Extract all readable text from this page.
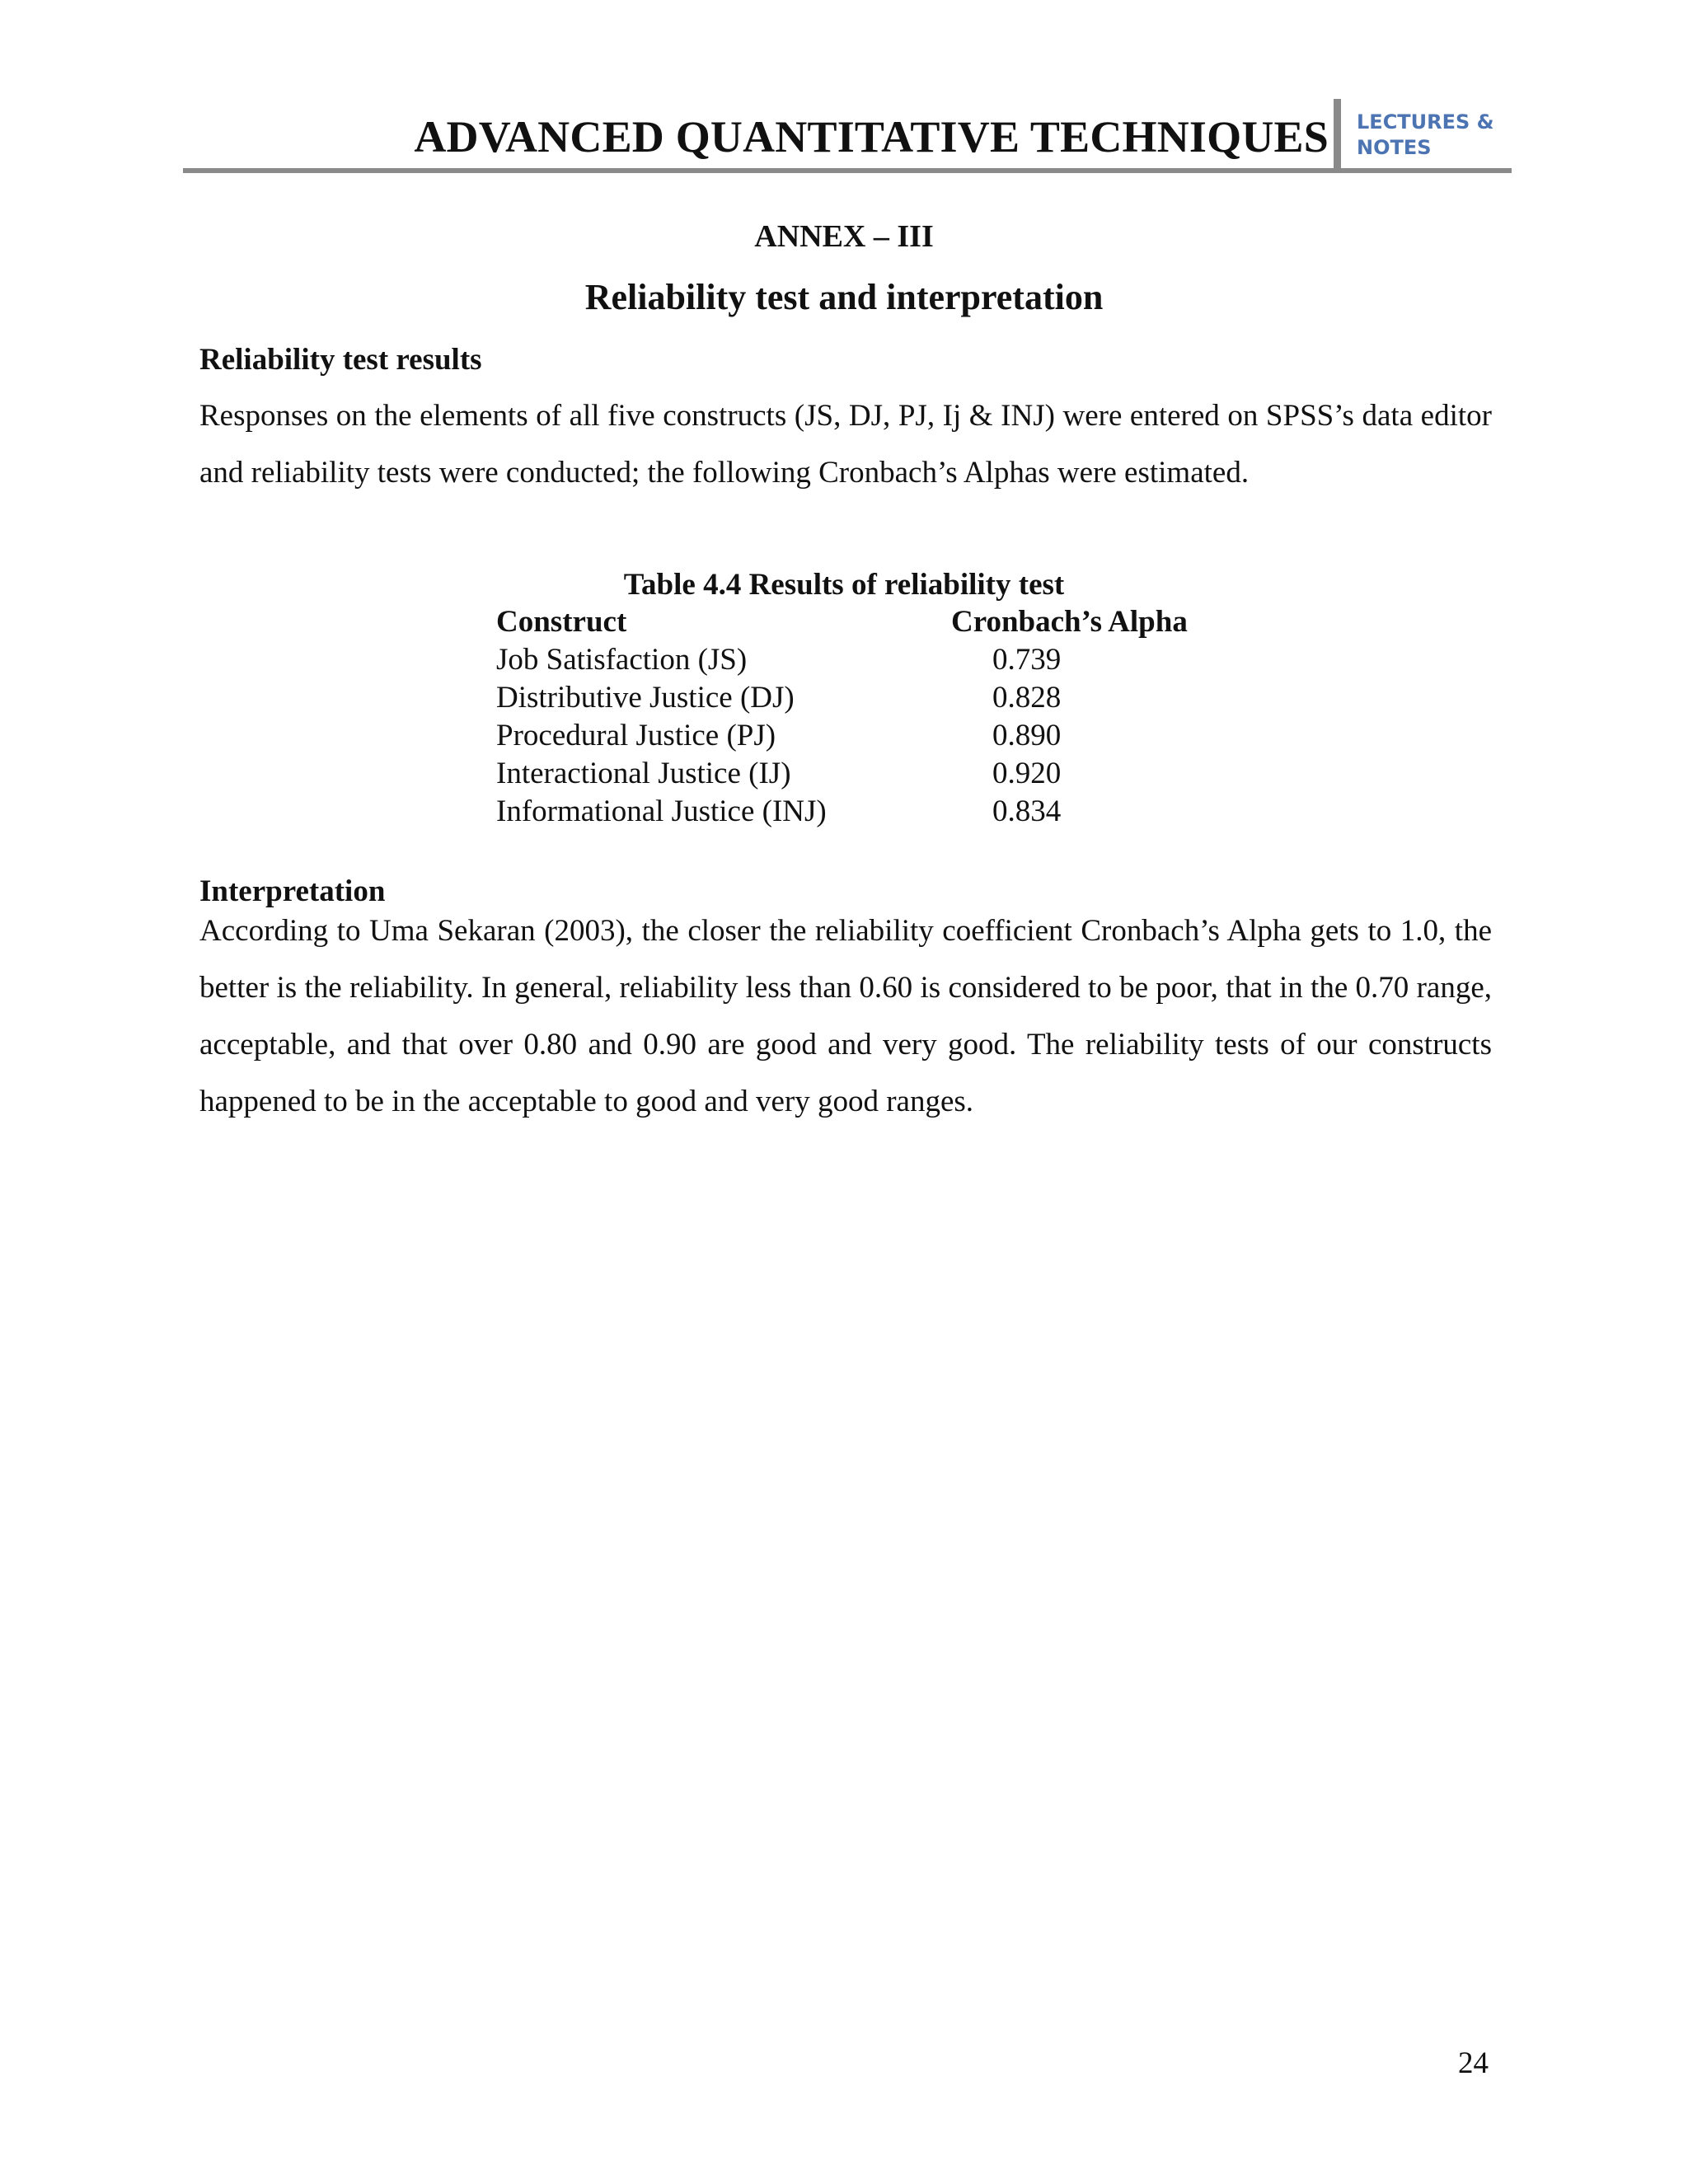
ADVANCED QUANTITATIVE TECHNIQUES LECTURES &
NOTES
ANNEX – III
Reliability test and interpretation
Reliability test results

Responses on the elements of all five constructs (JS, DJ, PJ, Ij & INJ) were entered on SPSS’s data editor and reliability tests were conducted; the following Cronbach’s Alphas were estimated.

Table 4.4 Results of reliability test
Construct	Cronbach’s Alpha
Job Satisfaction (JS)	0.739
Distributive Justice (DJ)	0.828
Procedural Justice (PJ)	0.890
Interactional Justice (IJ)	0.920
Informational Justice (INJ)	0.834
Interpretation

According to Uma Sekaran (2003), the closer the reliability coefficient Cronbach’s Alpha gets to 1.0, the better is the reliability. In general, reliability less than 0.60 is considered to be poor, that in the 0.70 range, acceptable, and that over 0.80 and 0.90 are good and very good. The reliability tests of our constructs happened to be in the acceptable to good and very good ranges.

24
